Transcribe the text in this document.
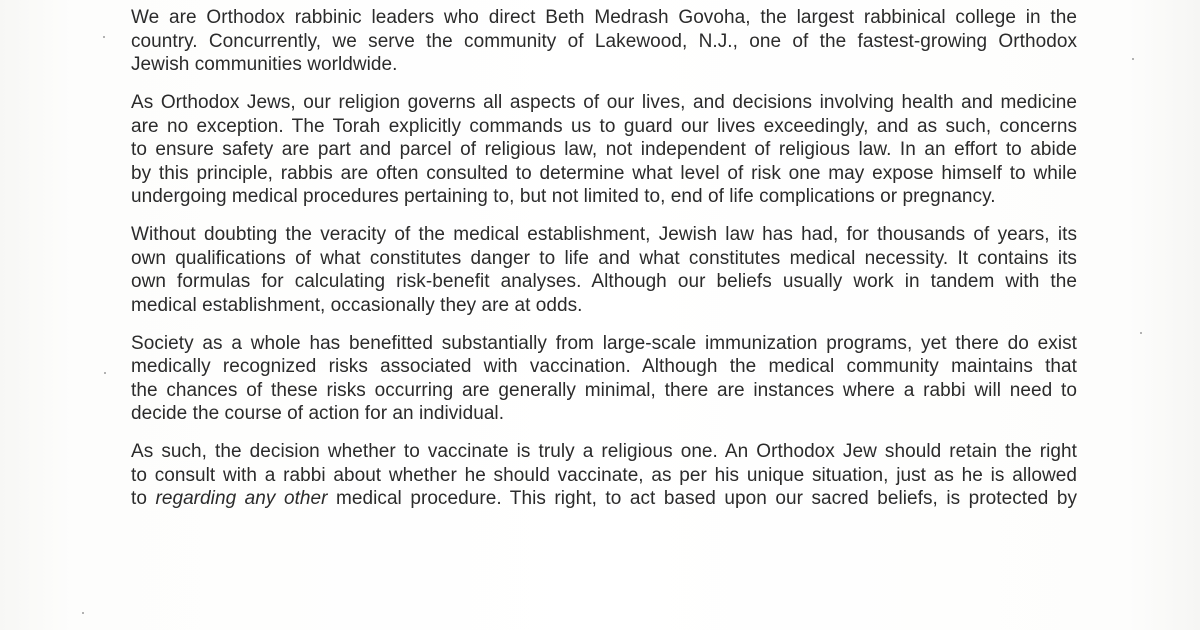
We are Orthodox rabbinic leaders who direct Beth Medrash Govoha, the largest rabbinical college in the
country. Concurrently, we serve the community of Lakewood, N.J., one of the fastest-growing Orthodox
Jewish communities worldwide.

As Orthodox Jews, our religion governs all aspects of our lives, and decisions involving health and medicine
are no exception. The Torah explicitly commands us to guard our lives exceedingly, and as such, concerns
to ensure safety are part and parcel of religious law, not independent of religious law. In an effort to abide
by this principle, rabbis are often consulted to determine what level of risk one may expose himself to while
undergoing medical procedures pertaining to, but not limited to, end of life complications or pregnancy.

Without doubting the veracity of the medical establishment, Jewish law has had, for thousands of years, its
own qualifications of what constitutes danger to life and what constitutes medical necessity. It contains its
own formulas for calculating risk-benefit analyses. Although our beliefs usually work in tandem with the
medical establishment, occasionally they are at odds.

Society as a whole has benefitted substantially from large-scale immunization programs, yet there do exist
medically recognized risks associated with vaccination. Although the medical community maintains that
the chances of these risks occurring are generally minimal, there are instances where a rabbi will need to
decide the course of action for an individual.

As such, the decision whether to vaccinate is truly a religious one. An Orthodox Jew should retain the right
to consult with a rabbi about whether he should vaccinate, as per his unique situation, just as he is allowed
to regarding any other medical procedure. This right, to act based upon our sacred beliefs, is protected by
